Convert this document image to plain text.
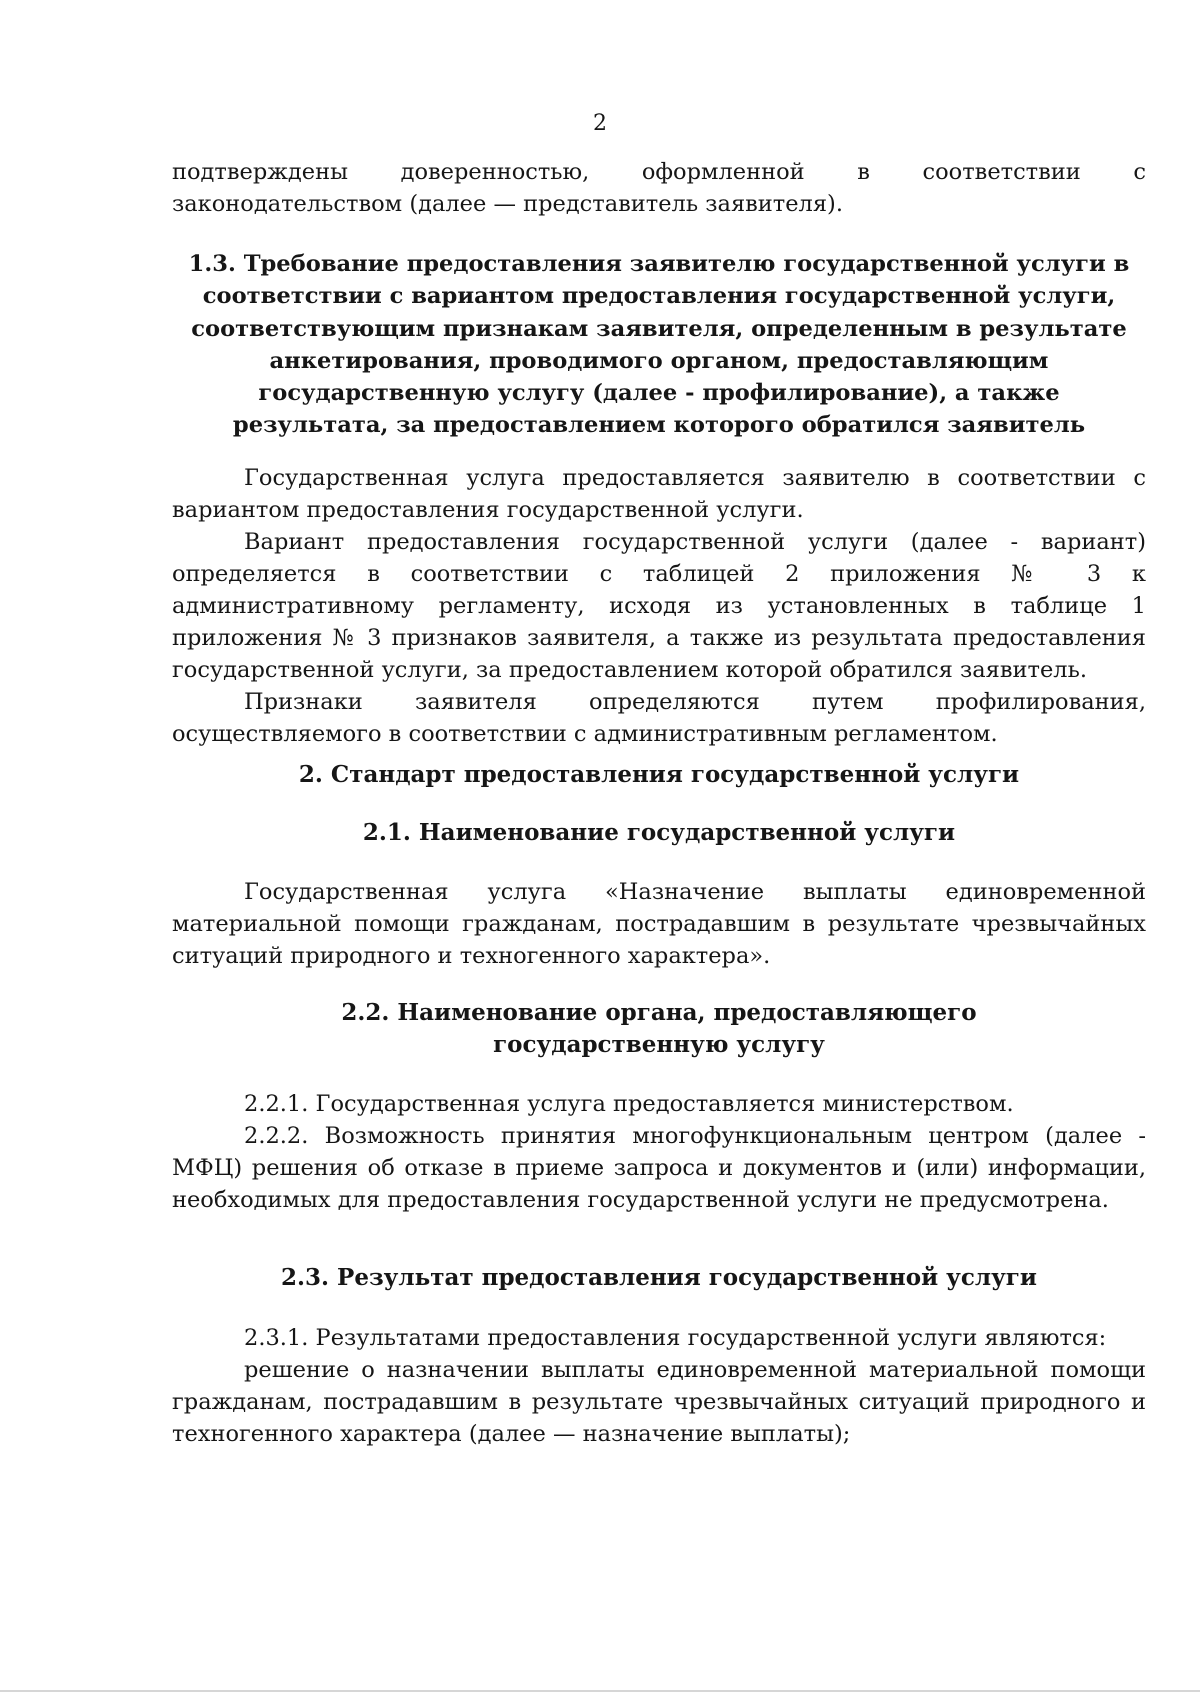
2

подтверждены доверенностью, оформленной в соответствии с

законодательством (далее — представитель заявителя).

1.3. Требование предоставления заявителю государственной услуги в соответствии с вариантом предоставления государственной услуги, соответствующим признакам заявителя, определенным в результате анкетирования, проводимого органом, предоставляющим государственную услугу (далее - профилирование), а также результата, за предоставлением которого обратился заявитель

Государственная услуга предоставляется заявителю в соответствии с вариантом предоставления государственной услуги.

Вариант предоставления государственной услуги (далее - вариант) определяется в соответствии с таблицей 2 приложения № 3 к административному регламенту, исходя из установленных в таблице 1 приложения № 3 признаков заявителя, а также из результата предоставления государственной услуги, за предоставлением которой обратился заявитель.

Признаки заявителя определяются путем профилирования, осуществляемого в соответствии с административным регламентом.

2. Стандарт предоставления государственной услуги
2.1. Наименование государственной услуги

Государственная услуга «Назначение выплаты единовременной материальной помощи гражданам, пострадавшим в результате чрезвычайных ситуаций природного и техногенного характера».

2.2. Наименование органа, предоставляющего государственную услугу

2.2.1. Государственная услуга предоставляется министерством.

2.2.2. Возможность принятия многофункциональным центром (далее - МФЦ) решения об отказе в приеме запроса и документов и (или) информации, необходимых для предоставления государственной услуги не предусмотрена.

2.3. Результат предоставления государственной услуги

2.3.1. Результатами предоставления государственной услуги являются:

решение о назначении выплаты единовременной материальной помощи гражданам, пострадавшим в результате чрезвычайных ситуаций природного и техногенного характера (далее — назначение выплаты);
